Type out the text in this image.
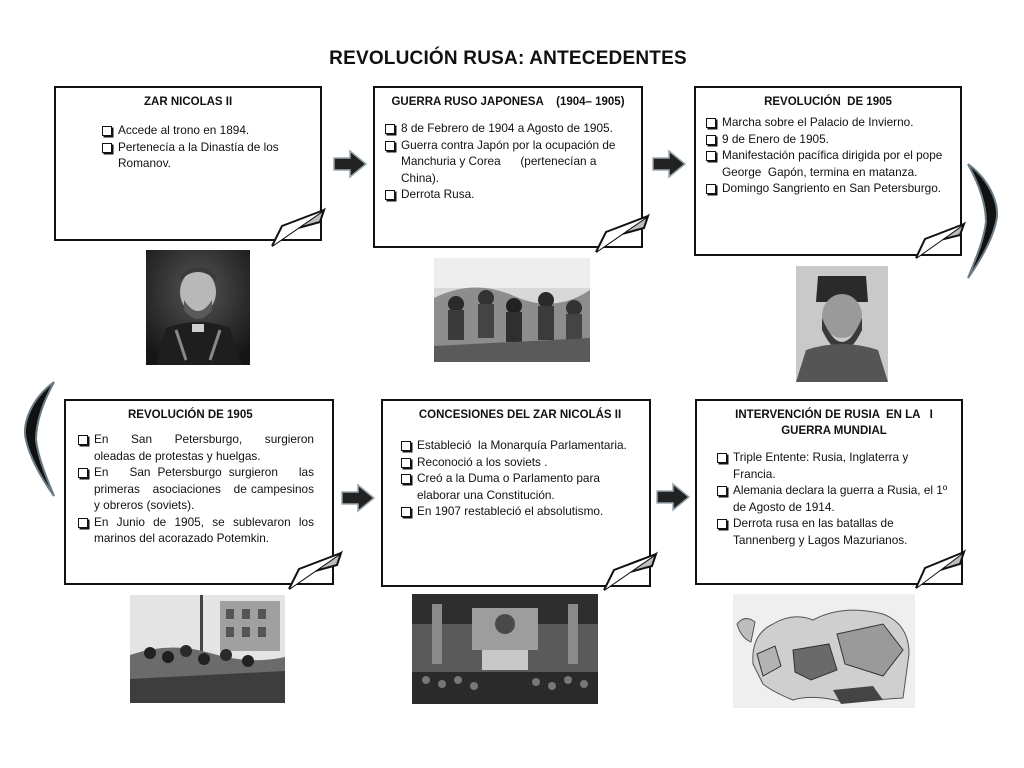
REVOLUCIÓN RUSA: ANTECEDENTES
ZAR NICOLAS II
Accede al trono en 1894.
Pertenecía a la Dinastía de los Romanov.
GUERRA RUSO JAPONESA    (1904– 1905)
8 de Febrero de 1904 a Agosto de 1905.
Guerra contra Japón por la ocupación de Manchuria y Corea      (pertenecían a China).
Derrota Rusa.
REVOLUCIÓN  DE 1905
Marcha sobre el Palacio de Invierno.
9 de Enero de 1905.
Manifestación pacífica dirigida por el pope George  Gapón, termina en matanza.
Domingo Sangriento en San Petersburgo.
REVOLUCIÓN DE 1905
En   San   Petersburgo,   surgieron oleadas de protestas y huelgas.
En   San Petersburgo surgieron   las primeras   asociaciones   de campesinos y obreros (soviets).
En Junio de 1905, se sublevaron los marinos del acorazado Potemkin.
CONCESIONES DEL ZAR NICOLÁS II
Estableció  la Monarquía Parlamentaria.
Reconoció a los soviets .
Creó a la Duma o Parlamento para elaborar una Constitución.
En 1907 restableció el absolutismo.
INTERVENCIÓN DE RUSIA  EN LA   I GUERRA MUNDIAL
Triple Entente: Rusia, Inglaterra y Francia.
Alemania declara la guerra a Rusia, el 1º de Agosto de 1914.
Derrota rusa en las batallas de Tannenberg y Lagos Mazurianos.
